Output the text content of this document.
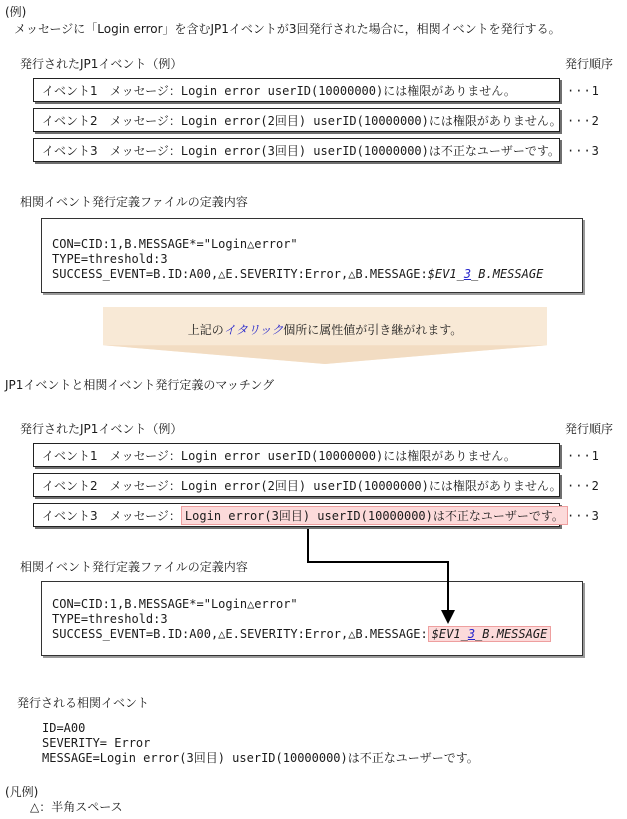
(例)
メッセージに「Login error」を含むJP1イベントが3回発行された場合に，相関イベントを発行する。
発行されたJP1イベント（例）	発行順序
イベント1　メッセージ： Login error userID(10000000)には権限がありません。	···1
イベント2　メッセージ： Login error(2回目) userID(10000000)には権限がありません。 ···2
イベント3　メッセージ： Login error(3回目) userID(10000000)は不正なユーザーです。 ···3
相関イベント発行定義ファイルの定義内容
CON=CID:1,B.MESSAGE*="Login△error"
TYPE=threshold:3
SUCCESS_EVENT=B.ID:A00,△E.SEVERITY:Error,△B.MESSAGE:$EV1_3_B.MESSAGE
上記のイタリック個所に属性値が引き継がれます。
JP1イベントと相関イベント発行定義のマッチング
発行されたJP1イベント（例）	発行順序
イベント1　メッセージ： Login error userID(10000000)には権限がありません。	···1
イベント2　メッセージ： Login error(2回目) userID(10000000)には権限がありません。 ···2
イベント3　メッセージ： Login error(3回目) userID(10000000)は不正なユーザーです。 ···3
相関イベント発行定義ファイルの定義内容
CON=CID:1,B.MESSAGE*="Login△error"
TYPE=threshold:3
SUCCESS_EVENT=B.ID:A00,△E.SEVERITY:Error,△B.MESSAGE: $EV1_3_B.MESSAGE
発行される相関イベント
ID=A00
SEVERITY= Error
MESSAGE=Login error(3回目) userID(10000000)は不正なユーザーです。
(凡例)
△：半角スペース
